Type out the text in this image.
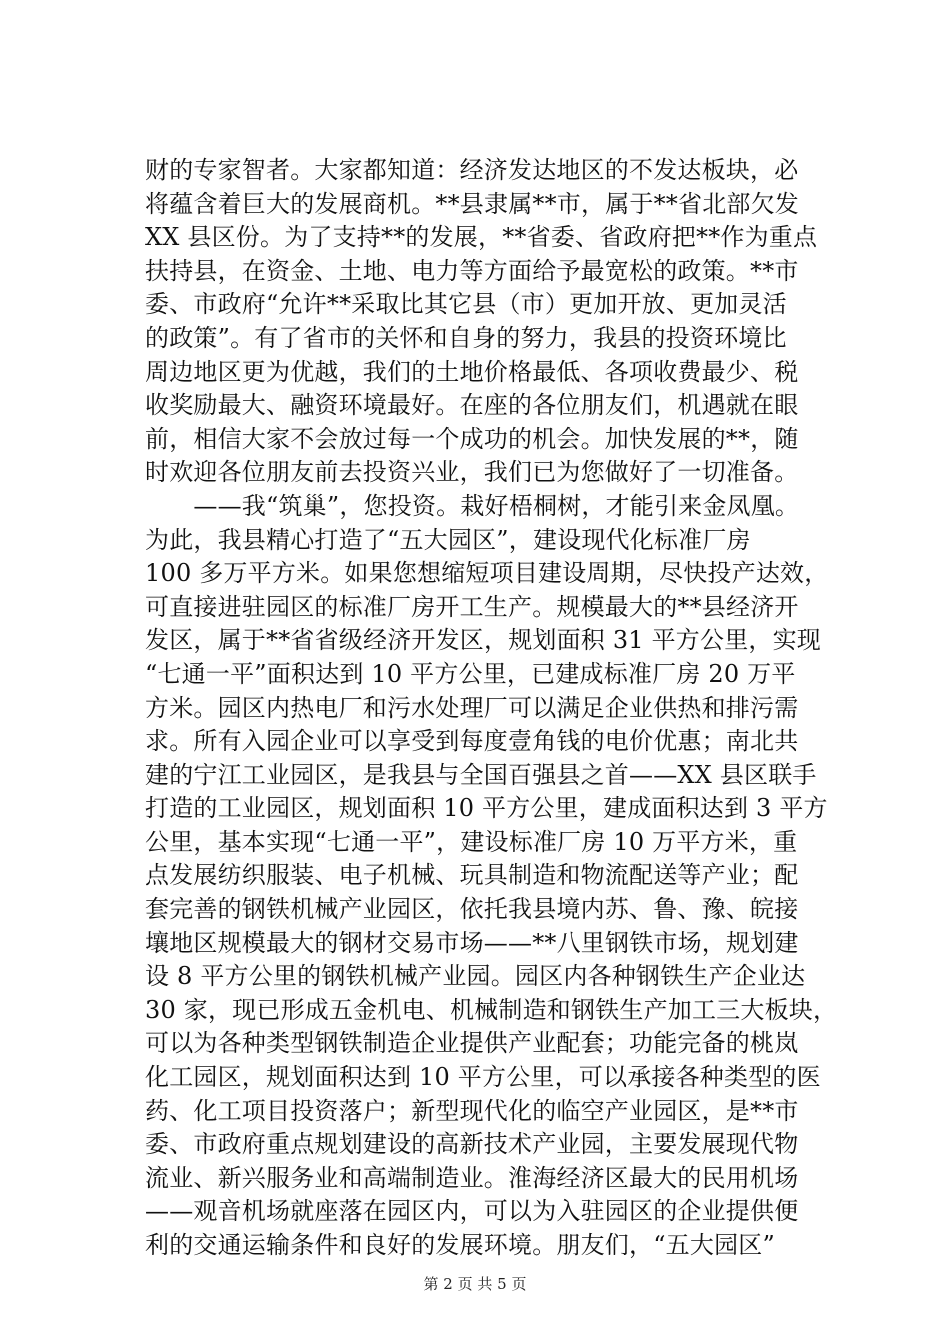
财的专家智者。大家都知道：经济发达地区的不发达板块，必
将蕴含着巨大的发展商机。**县隶属**市，属于**省北部欠发
XX 县区份。为了支持**的发展，**省委、省政府把**作为重点
扶持县，在资金、土地、电力等方面给予最宽松的政策。**市
委、市政府“允许**采取比其它县（市）更加开放、更加灵活
的政策”。有了省市的关怀和自身的努力，我县的投资环境比
周边地区更为优越，我们的土地价格最低、各项收费最少、税
收奖励最大、融资环境最好。在座的各位朋友们，机遇就在眼
前，相信大家不会放过每一个成功的机会。加快发展的**，随
时欢迎各位朋友前去投资兴业，我们已为您做好了一切准备。
　　——我“筑巢”，您投资。栽好梧桐树，才能引来金凤凰。
为此，我县精心打造了“五大园区”，建设现代化标准厂房
100 多万平方米。如果您想缩短项目建设周期，尽快投产达效，
可直接进驻园区的标准厂房开工生产。规模最大的**县经济开
发区，属于**省省级经济开发区，规划面积 31 平方公里，实现
“七通一平”面积达到 10 平方公里，已建成标准厂房 20 万平
方米。园区内热电厂和污水处理厂可以满足企业供热和排污需
求。所有入园企业可以享受到每度壹角钱的电价优惠；南北共
建的宁江工业园区，是我县与全国百强县之首——XX 县区联手
打造的工业园区，规划面积 10 平方公里，建成面积达到 3 平方
公里，基本实现“七通一平”，建设标准厂房 10 万平方米，重
点发展纺织服装、电子机械、玩具制造和物流配送等产业；配
套完善的钢铁机械产业园区，依托我县境内苏、鲁、豫、皖接
壤地区规模最大的钢材交易市场——**八里钢铁市场，规划建
设 8 平方公里的钢铁机械产业园。园区内各种钢铁生产企业达
30 家，现已形成五金机电、机械制造和钢铁生产加工三大板块，
可以为各种类型钢铁制造企业提供产业配套；功能完备的桃岚
化工园区，规划面积达到 10 平方公里，可以承接各种类型的医
药、化工项目投资落户；新型现代化的临空产业园区，是**市
委、市政府重点规划建设的高新技术产业园，主要发展现代物
流业、新兴服务业和高端制造业。淮海经济区最大的民用机场
——观音机场就座落在园区内，可以为入驻园区的企业提供便
利的交通运输条件和良好的发展环境。朋友们，“五大园区”
第 2 页 共 5 页
